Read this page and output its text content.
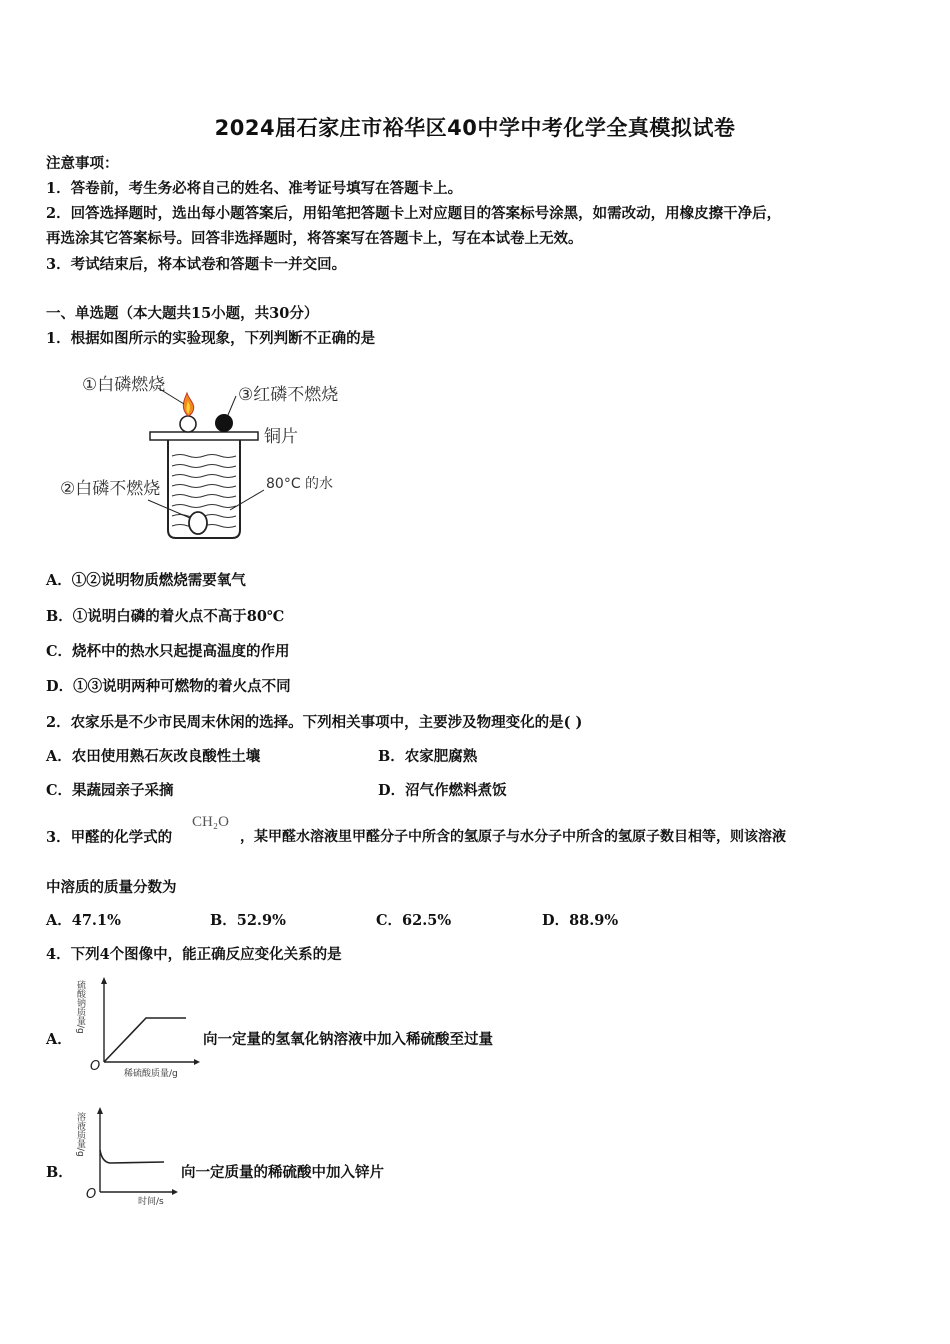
2024届石家庄市裕华区40中学中考化学全真模拟试卷
注意事项：
1．答卷前，考生务必将自己的姓名、准考证号填写在答题卡上。
2．回答选择题时，选出每小题答案后，用铅笔把答题卡上对应题目的答案标号涂黑，如需改动，用橡皮擦干净后，
再选涂其它答案标号。回答非选择题时，将答案写在答题卡上，写在本试卷上无效。
3．考试结束后，将本试卷和答题卡一并交回。
一、单选题（本大题共15小题，共30分）
1．根据如图所示的实验现象，下列判断不正确的是
①白磷燃烧	③红磷不燃烧
铜片
②白磷不燃烧	80°C 的水
A．①②说明物质燃烧需要氧气
B．①说明白磷的着火点不高于80℃
C．烧杯中的热水只起提高温度的作用
D．①③说明两种可燃物的着火点不同
2．农家乐是不少市民周末休闲的选择。下列相关事项中，主要涉及物理变化的是( )
A．农田使用熟石灰改良酸性土壤	B．农家肥腐熟
C．果蔬园亲子采摘	D．沼气作燃料煮饭
3．甲醛的化学式的
CH₂O
，某甲醛水溶液里甲醛分子中所含的氢原子与水分子中所含的氢原子数目相等，则该溶液
中溶质的质量分数为
A．47.1%	B．52.9%	C．62.5%	D．88.9%
4．下列4个图像中，能正确反应变化关系的是
A．
O
硫酸钠质量/g
稀硫酸质量/g
向一定量的氢氧化钠溶液中加入稀硫酸至过量
B．
O
溶液质量/g
时间/s
向一定质量的稀硫酸中加入锌片
